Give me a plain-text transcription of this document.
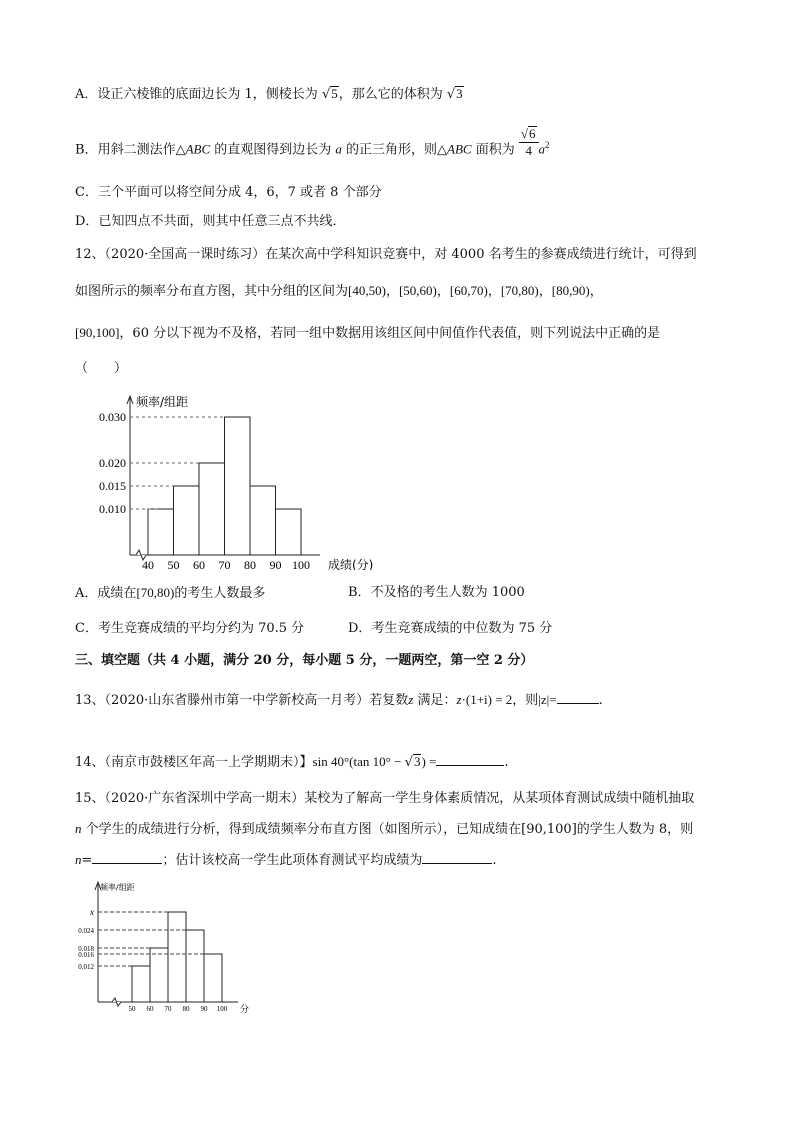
A．设正六棱锥的底面边长为 1，侧棱长为 √5，那么它的体积为 √3
B．用斜二测法作△ABC 的直观图得到边长为 a 的正三角形，则△ABC 面积为 $\frac{√6}{4} a^2$
C．三个平面可以将空间分成 4，6，7 或者 8 个部分
D．已知四点不共面，则其中任意三点不共线．
12、（2020·全国高一课时练习）在某次高中学科知识竞赛中，对 4000 名考生的参赛成绩进行统计，可得到
如图所示的频率分布直方图，其中分组的区间为[40,50)，[50,60)，[60,70)，[70,80)，[80,90)，
[90,100]，60 分以下视为不及格，若同一组中数据用该组区间中间值作代表值，则下列说法中正确的是
（　　）
频率/组距
成绩(分)
0.030
0.020
0.015
0.010
40 50 60 70 80 90 100
A．成绩在[70,80)的考生人数最多	B．不及格的考生人数为 1000
C．考生竞赛成绩的平均分约为 70.5 分	D．考生竞赛成绩的中位数为 75 分
三、填空题（共 4 小题，满分 20 分，每小题 5 分，一题两空，第一空 2 分）
13、（2020·山东省滕州市第一中学新校高一月考）若复数z 满足：z·(1+i) = 2，则|z|=	.
14、（南京市鼓楼区年高一上学期期末）】sin 40°(tan 10° − √3) =	.
15、（2020·广东省深圳中学高一期末）某校为了解高一学生身体素质情况，从某项体育测试成绩中随机抽取
n 个学生的成绩进行分析，得到成绩频率分布直方图（如图所示），已知成绩在[90,100]的学生人数为 8，则
n=	；估计该校高一学生此项体育测试平均成绩为	.
频率/组距
分
x
0.024
0.018
0.016
0.012
50 60 70 80 90 100
